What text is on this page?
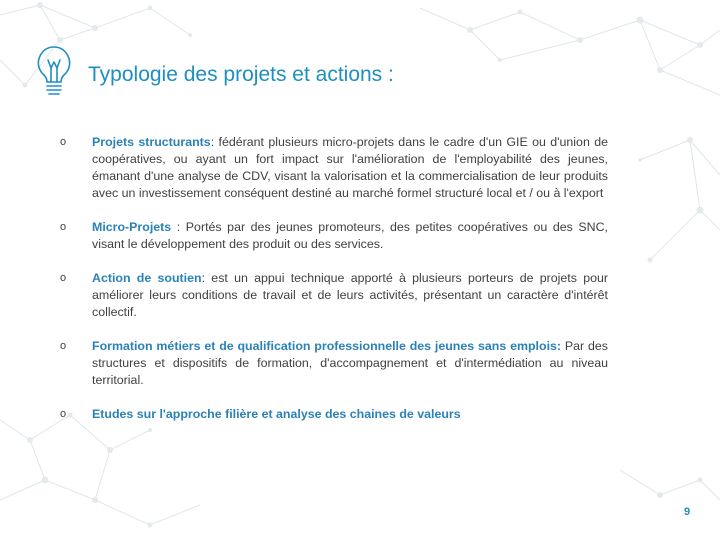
Typologie des projets et actions :
o Projets structurants: fédérant plusieurs micro-projets dans le cadre d'un GIE ou d'union de coopératives, ou ayant un fort impact sur l'amélioration de l'employabilité des jeunes, émanant d'une analyse de CDV, visant la valorisation et la commercialisation de leur produits avec un investissement conséquent destiné au marché formel structuré local et / ou à l'export
o Micro-Projets : Portés par des jeunes promoteurs, des petites coopératives ou des SNC, visant le développement des produit ou des services.
o Action de soutien: est un appui technique apporté à plusieurs porteurs de projets pour améliorer leurs conditions de travail et de leurs activités, présentant un caractère d'intérêt collectif.
o Formation métiers et de qualification professionnelle des jeunes sans emplois: Par des structures et dispositifs de formation, d'accompagnement et d'intermédiation au niveau territorial.
o Etudes sur l'approche filière et analyse des chaines de valeurs
9
